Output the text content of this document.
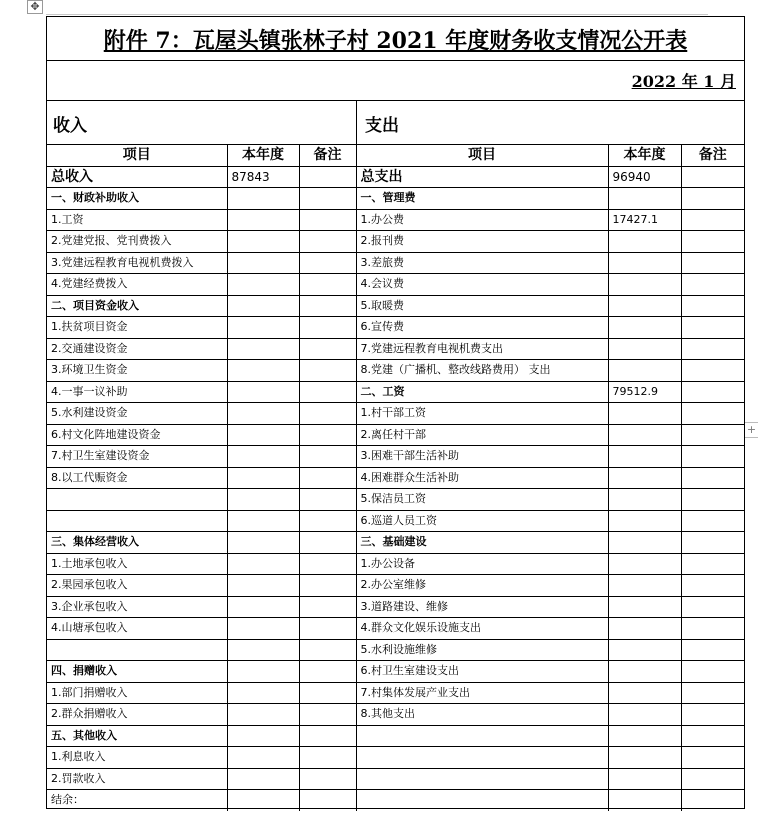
✥
+
附件 7：瓦屋头镇张林子村 2021 年度财务收支情况公开表
2022 年 1 月
收入	支出
项目	本年度	备注	项目	本年度	备注
总收入	87843		总支出	96940	
一、财政补助收入			一、管理费		
1.工资			1.办公费	17427.1	
2.党建党报、党刊费拨入			2.报刊费		
3.党建远程教育电视机费拨入			3.差旅费		
4.党建经费拨入			4.会议费		
二、项目资金收入			5.取暖费		
1.扶贫项目资金			6.宣传费		
2.交通建设资金			7.党建远程教育电视机费支出		
3.环境卫生资金			8.党建（广播机、整改线路费用） 支出		
4.一事一议补助			二、工资	79512.9	
5.水利建设资金			1.村干部工资		
6.村文化阵地建设资金			2.离任村干部		
7.村卫生室建设资金			3.困难干部生活补助		
8.以工代赈资金			4.困难群众生活补助		
			5.保洁员工资		
			6.巡道人员工资		
三、集体经营收入			三、基础建设		
1.土地承包收入			1.办公设备		
2.果园承包收入			2.办公室维修		
3.企业承包收入			3.道路建设、维修		
4.山塘承包收入			4.群众文化娱乐设施支出		
			5.水利设施维修		
四、捐赠收入			6.村卫生室建设支出		
1.部门捐赠收入			7.村集体发展产业支出		
2.群众捐赠收入			8.其他支出		
五、其他收入					
1.利息收入					
2.罚款收入					
结余：					
